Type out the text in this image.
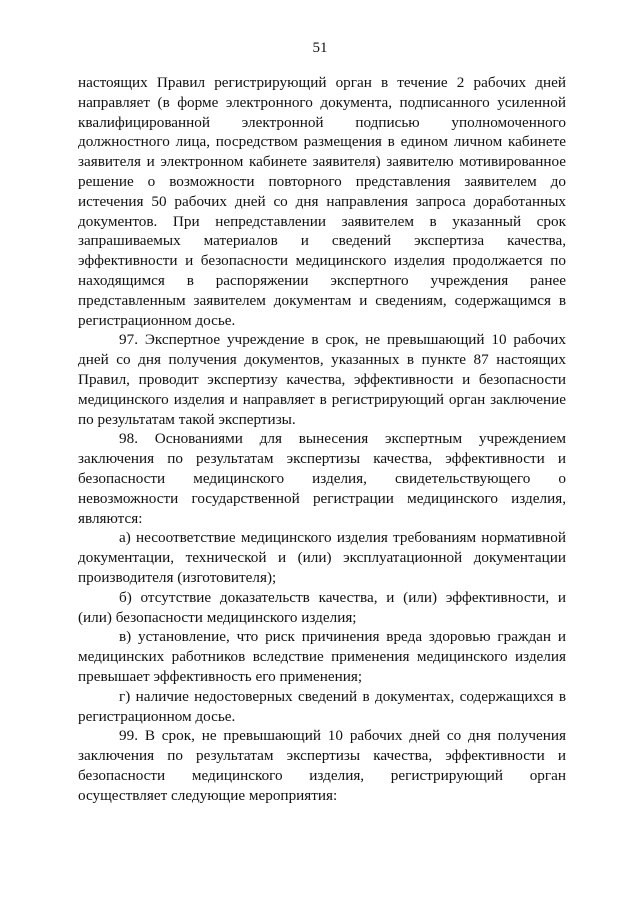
51

настоящих Правил регистрирующий орган в течение 2 рабочих дней направляет (в форме электронного документа, подписанного усиленной квалифицированной электронной подписью уполномоченного должностного лица, посредством размещения в едином личном кабинете заявителя и электронном кабинете заявителя) заявителю мотивированное решение о возможности повторного представления заявителем до истечения 50 рабочих дней со дня направления запроса доработанных документов. При непредставлении заявителем в указанный срок запрашиваемых материалов и сведений экспертиза качества, эффективности и безопасности медицинского изделия продолжается по находящимся в распоряжении экспертного учреждения ранее представленным заявителем документам и сведениям, содержащимся в регистрационном досье.

97. Экспертное учреждение в срок, не превышающий 10 рабочих дней со дня получения документов, указанных в пункте 87 настоящих Правил, проводит экспертизу качества, эффективности и безопасности медицинского изделия и направляет в регистрирующий орган заключение по результатам такой экспертизы.

98. Основаниями для вынесения экспертным учреждением заключения по результатам экспертизы качества, эффективности и безопасности медицинского изделия, свидетельствующего о невозможности государственной регистрации медицинского изделия, являются:

а) несоответствие медицинского изделия требованиям нормативной документации, технической и (или) эксплуатационной документации производителя (изготовителя);

б) отсутствие доказательств качества, и (или) эффективности, и (или) безопасности медицинского изделия;

в) установление, что риск причинения вреда здоровью граждан и медицинских работников вследствие применения медицинского изделия превышает эффективность его применения;

г) наличие недостоверных сведений в документах, содержащихся в регистрационном досье.

99. В срок, не превышающий 10 рабочих дней со дня получения заключения по результатам экспертизы качества, эффективности и безопасности медицинского изделия, регистрирующий орган осуществляет следующие мероприятия:
